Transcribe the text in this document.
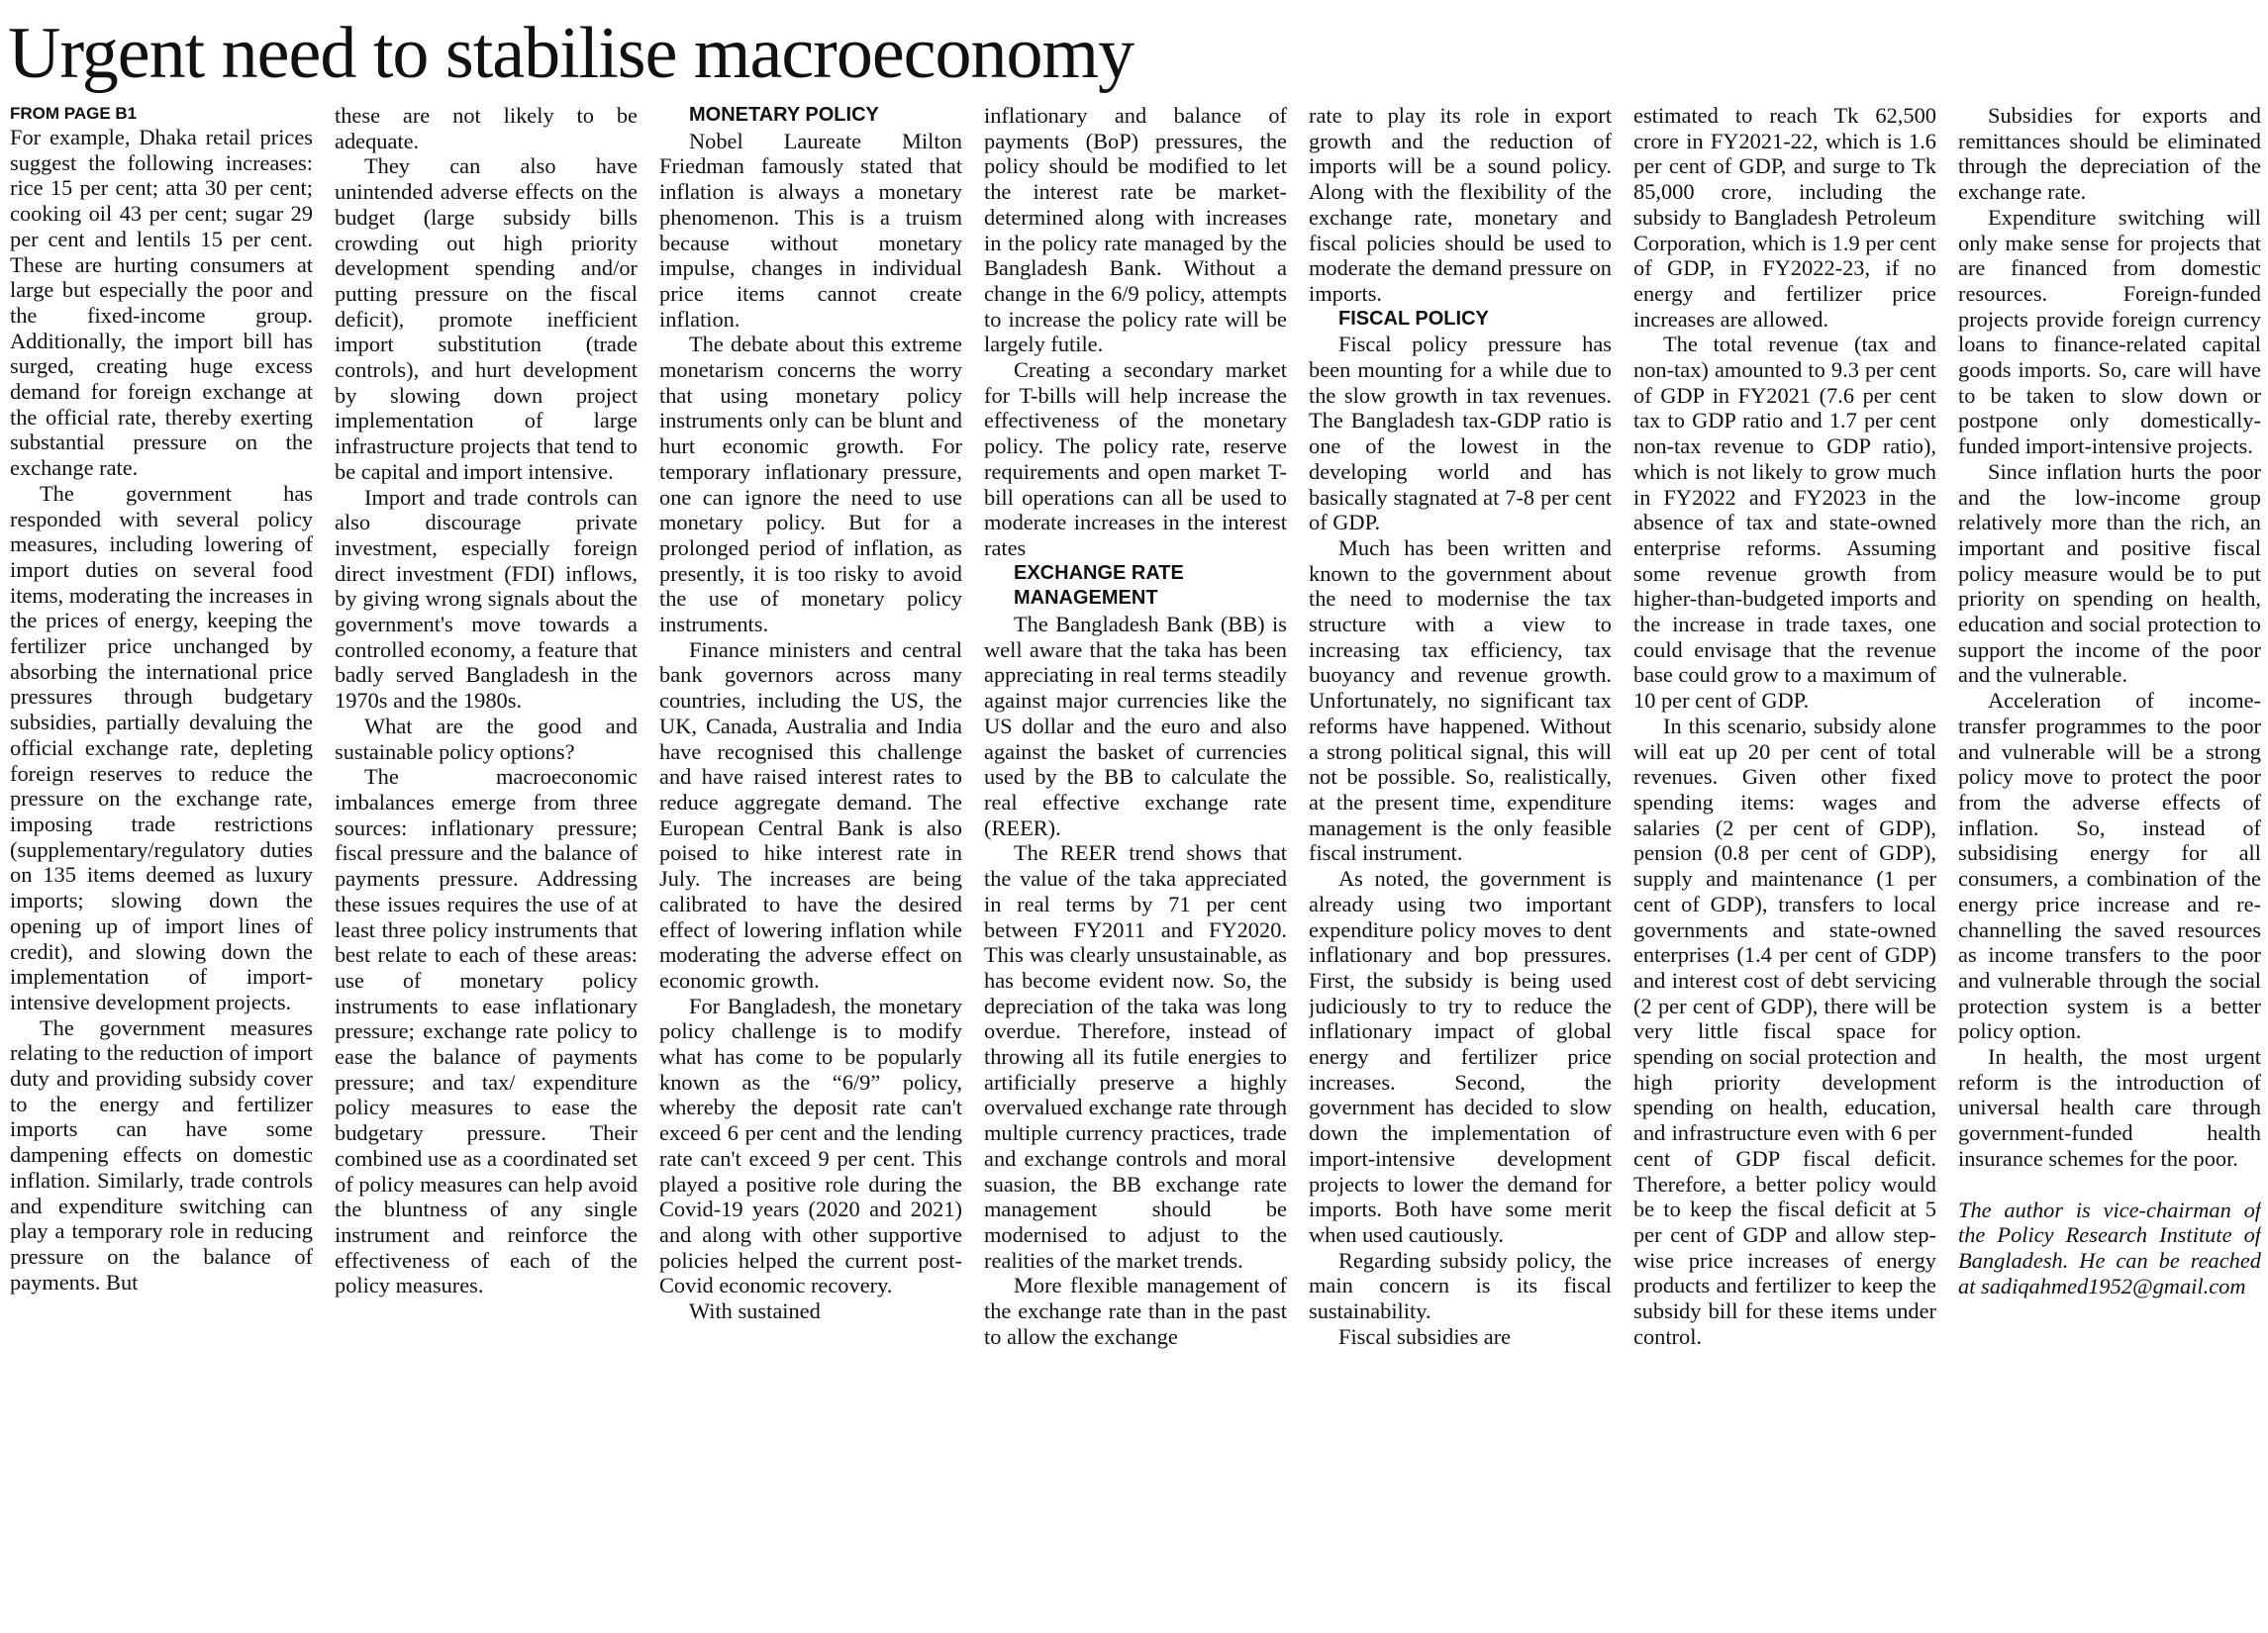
Urgent need to stabilise macroeconomy
FROM PAGE B1

For example, Dhaka retail prices suggest the following increases: rice 15 per cent; atta 30 per cent; cooking oil 43 per cent; sugar 29 per cent and lentils 15 per cent. These are hurting consumers at large but especially the poor and the fixed-income group. Additionally, the import bill has surged, creating huge excess demand for foreign exchange at the official rate, thereby exerting substantial pressure on the exchange rate.

The government has responded with several policy measures, including lowering of import duties on several food items, moderating the increases in the prices of energy, keeping the fertilizer price unchanged by absorbing the international price pressures through budgetary subsidies, partially devaluing the official exchange rate, depleting foreign reserves to reduce the pressure on the exchange rate, imposing trade restrictions (supplementary/regulatory duties on 135 items deemed as luxury imports; slowing down the opening up of import lines of credit), and slowing down the implementation of import-intensive development projects.

The government measures relating to the reduction of import duty and providing subsidy cover to the energy and fertilizer imports can have some dampening effects on domestic inflation. Similarly, trade controls and expenditure switching can play a temporary role in reducing pressure on the balance of payments. But

these are not likely to be adequate.

They can also have unintended adverse effects on the budget (large subsidy bills crowding out high priority development spending and/or putting pressure on the fiscal deficit), promote inefficient import substitution (trade controls), and hurt development by slowing down project implementation of large infrastructure projects that tend to be capital and import intensive.

Import and trade controls can also discourage private investment, especially foreign direct investment (FDI) inflows, by giving wrong signals about the government's move towards a controlled economy, a feature that badly served Bangladesh in the 1970s and the 1980s.

What are the good and sustainable policy options?

The macroeconomic imbalances emerge from three sources: inflationary pressure; fiscal pressure and the balance of payments pressure. Addressing these issues requires the use of at least three policy instruments that best relate to each of these areas: use of monetary policy instruments to ease inflationary pressure; exchange rate policy to ease the balance of payments pressure; and tax/ expenditure policy measures to ease the budgetary pressure. Their combined use as a coordinated set of policy measures can help avoid the bluntness of any single instrument and reinforce the effectiveness of each of the policy measures.

MONETARY POLICY

Nobel Laureate Milton Friedman famously stated that inflation is always a monetary phenomenon. This is a truism because without monetary impulse, changes in individual price items cannot create inflation.

The debate about this extreme monetarism concerns the worry that using monetary policy instruments only can be blunt and hurt economic growth. For temporary inflationary pressure, one can ignore the need to use monetary policy. But for a prolonged period of inflation, as presently, it is too risky to avoid the use of monetary policy instruments.

Finance ministers and central bank governors across many countries, including the US, the UK, Canada, Australia and India have recognised this challenge and have raised interest rates to reduce aggregate demand. The European Central Bank is also poised to hike interest rate in July. The increases are being calibrated to have the desired effect of lowering inflation while moderating the adverse effect on economic growth.

For Bangladesh, the monetary policy challenge is to modify what has come to be popularly known as the “6/9” policy, whereby the deposit rate can't exceed 6 per cent and the lending rate can't exceed 9 per cent. This played a positive role during the Covid-19 years (2020 and 2021) and along with other supportive policies helped the current post-Covid economic recovery.

With sustained

inflationary and balance of payments (BoP) pressures, the policy should be modified to let the interest rate be market-determined along with increases in the policy rate managed by the Bangladesh Bank. Without a change in the 6/9 policy, attempts to increase the policy rate will be largely futile.

Creating a secondary market for T-bills will help increase the effectiveness of the monetary policy. The policy rate, reserve requirements and open market T-bill operations can all be used to moderate increases in the interest rates

EXCHANGE RATE MANAGEMENT

The Bangladesh Bank (BB) is well aware that the taka has been appreciating in real terms steadily against major currencies like the US dollar and the euro and also against the basket of currencies used by the BB to calculate the real effective exchange rate (REER).

The REER trend shows that the value of the taka appreciated in real terms by 71 per cent between FY2011 and FY2020. This was clearly unsustainable, as has become evident now. So, the depreciation of the taka was long overdue. Therefore, instead of throwing all its futile energies to artificially preserve a highly overvalued exchange rate through multiple currency practices, trade and exchange controls and moral suasion, the BB exchange rate management should be modernised to adjust to the realities of the market trends.

More flexible management of the exchange rate than in the past to allow the exchange

rate to play its role in export growth and the reduction of imports will be a sound policy. Along with the flexibility of the exchange rate, monetary and fiscal policies should be used to moderate the demand pressure on imports.

FISCAL POLICY

Fiscal policy pressure has been mounting for a while due to the slow growth in tax revenues. The Bangladesh tax-GDP ratio is one of the lowest in the developing world and has basically stagnated at 7-8 per cent of GDP.

Much has been written and known to the government about the need to modernise the tax structure with a view to increasing tax efficiency, tax buoyancy and revenue growth. Unfortunately, no significant tax reforms have happened. Without a strong political signal, this will not be possible. So, realistically, at the present time, expenditure management is the only feasible fiscal instrument.

As noted, the government is already using two important expenditure policy moves to dent inflationary and bop pressures. First, the subsidy is being used judiciously to try to reduce the inflationary impact of global energy and fertilizer price increases. Second, the government has decided to slow down the implementation of import-intensive development projects to lower the demand for imports. Both have some merit when used cautiously.

Regarding subsidy policy, the main concern is its fiscal sustainability.

Fiscal subsidies are

estimated to reach Tk 62,500 crore in FY2021-22, which is 1.6 per cent of GDP, and surge to Tk 85,000 crore, including the subsidy to Bangladesh Petroleum Corporation, which is 1.9 per cent of GDP, in FY2022-23, if no energy and fertilizer price increases are allowed.

The total revenue (tax and non-tax) amounted to 9.3 per cent of GDP in FY2021 (7.6 per cent tax to GDP ratio and 1.7 per cent non-tax revenue to GDP ratio), which is not likely to grow much in FY2022 and FY2023 in the absence of tax and state-owned enterprise reforms. Assuming some revenue growth from higher-than-budgeted imports and the increase in trade taxes, one could envisage that the revenue base could grow to a maximum of 10 per cent of GDP.

In this scenario, subsidy alone will eat up 20 per cent of total revenues. Given other fixed spending items: wages and salaries (2 per cent of GDP), pension (0.8 per cent of GDP), supply and maintenance (1 per cent of GDP), transfers to local governments and state-owned enterprises (1.4 per cent of GDP) and interest cost of debt servicing (2 per cent of GDP), there will be very little fiscal space for spending on social protection and high priority development spending on health, education, and infrastructure even with 6 per cent of GDP fiscal deficit. Therefore, a better policy would be to keep the fiscal deficit at 5 per cent of GDP and allow step-wise price increases of energy products and fertilizer to keep the subsidy bill for these items under control.

Subsidies for exports and remittances should be eliminated through the depreciation of the exchange rate.

Expenditure switching will only make sense for projects that are financed from domestic resources. Foreign-funded projects provide foreign currency loans to finance-related capital goods imports. So, care will have to be taken to slow down or postpone only domestically-funded import-intensive projects.

Since inflation hurts the poor and the low-income group relatively more than the rich, an important and positive fiscal policy measure would be to put priority on spending on health, education and social protection to support the income of the poor and the vulnerable.

Acceleration of income-transfer programmes to the poor and vulnerable will be a strong policy move to protect the poor from the adverse effects of inflation. So, instead of subsidising energy for all consumers, a combination of the energy price increase and re-channelling the saved resources as income transfers to the poor and vulnerable through the social protection system is a better policy option.

In health, the most urgent reform is the introduction of universal health care through government-funded health insurance schemes for the poor.

The author is vice-chairman of the Policy Research Institute of Bangladesh. He can be reached at sadiqahmed1952@gmail.com
